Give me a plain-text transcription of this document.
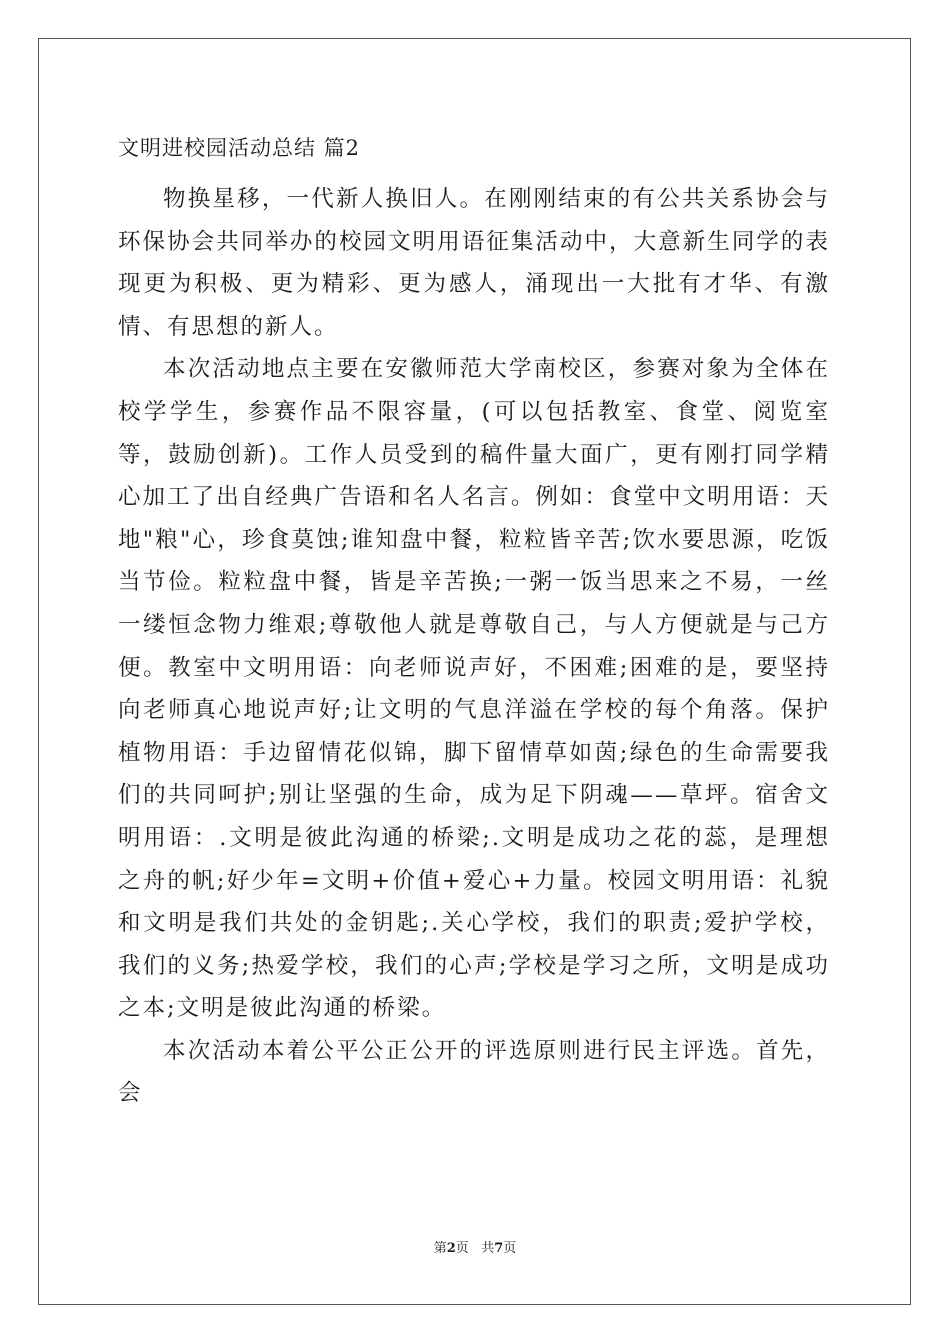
文明进校园活动总结 篇2

物换星移，一代新人换旧人。在刚刚结束的有公共关系协会与环保协会共同举办的校园文明用语征集活动中，大意新生同学的表现更为积极、更为精彩、更为感人，涌现出一大批有才华、有激情、有思想的新人。

本次活动地点主要在安徽师范大学南校区，参赛对象为全体在校学学生，参赛作品不限容量，(可以包括教室、食堂、阅览室等，鼓励创新)。工作人员受到的稿件量大面广，更有刚打同学精心加工了出自经典广告语和名人名言。例如：食堂中文明用语：天地"粮"心，珍食莫蚀;谁知盘中餐，粒粒皆辛苦;饮水要思源，吃饭当节俭。粒粒盘中餐，皆是辛苦换;一粥一饭当思来之不易，一丝一缕恒念物力维艰;尊敬他人就是尊敬自己，与人方便就是与己方便。教室中文明用语：向老师说声好，不困难;困难的是，要坚持向老师真心地说声好;让文明的气息洋溢在学校的每个角落。保护植物用语：手边留情花似锦，脚下留情草如茵;绿色的生命需要我们的共同呵护;别让坚强的生命，成为足下阴魂——草坪。宿舍文明用语：.文明是彼此沟通的桥梁;.文明是成功之花的蕊，是理想之舟的帆;好少年=文明+价值+爱心+力量。校园文明用语：礼貌和文明是我们共处的金钥匙;.关心学校，我们的职责;爱护学校，我们的义务;热爱学校，我们的心声;学校是学习之所，文明是成功之本;文明是彼此沟通的桥梁。

本次活动本着公平公正公开的评选原则进行民主评选。首先，会

第2页 共7页
